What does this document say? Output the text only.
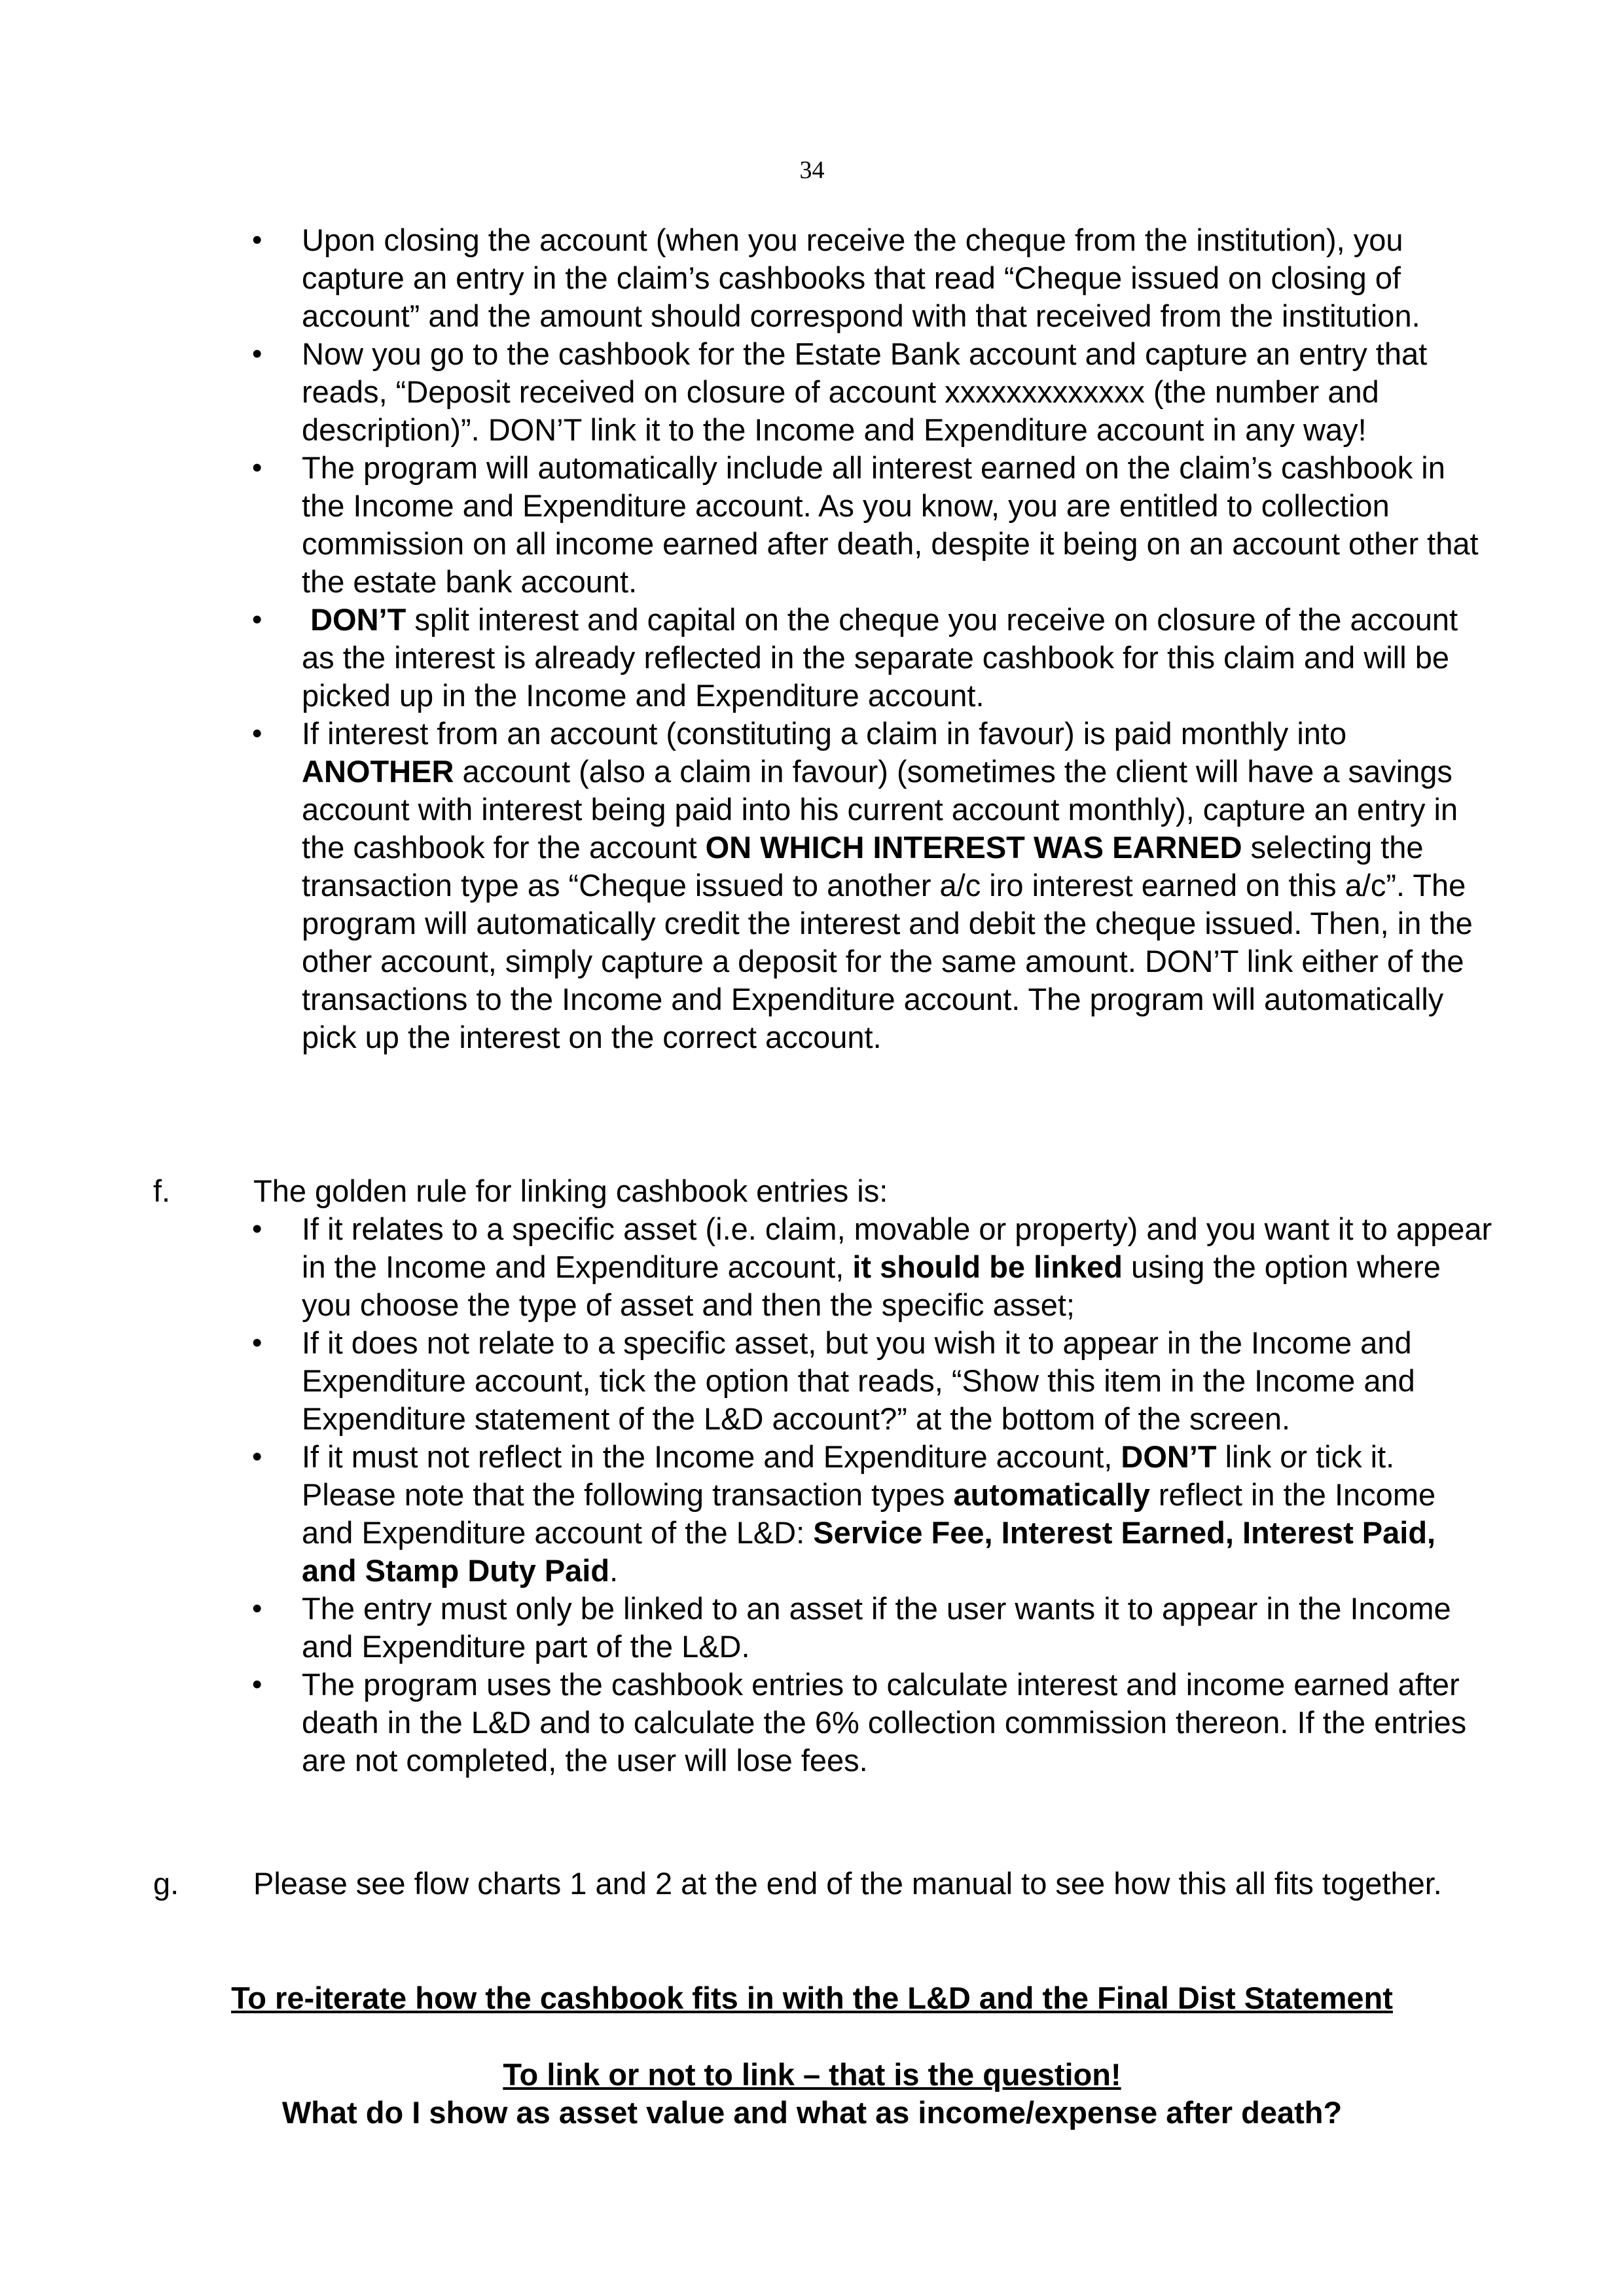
34
• Upon closing the account (when you receive the cheque from the institution), you capture an entry in the claim’s cashbooks that read “Cheque issued on closing of account” and the amount should correspond with that received from the institution.
• Now you go to the cashbook for the Estate Bank account and capture an entry that reads, “Deposit received on closure of account xxxxxxxxxxxxx (the number and description)”. DON’T link it to the Income and Expenditure account in any way!
• The program will automatically include all interest earned on the claim’s cashbook in the Income and Expenditure account. As you know, you are entitled to collection commission on all income earned after death, despite it being on an account other that the estate bank account.
• DON’T split interest and capital on the cheque you receive on closure of the account as the interest is already reflected in the separate cashbook for this claim and will be picked up in the Income and Expenditure account.
• If interest from an account (constituting a claim in favour) is paid monthly into ANOTHER account (also a claim in favour) (sometimes the client will have a savings account with interest being paid into his current account monthly), capture an entry in the cashbook for the account ON WHICH INTEREST WAS EARNED selecting the transaction type as “Cheque issued to another a/c iro interest earned on this a/c”. The program will automatically credit the interest and debit the cheque issued. Then, in the other account, simply capture a deposit for the same amount. DON’T link either of the transactions to the Income and Expenditure account. The program will automatically pick up the interest on the correct account.
f.	The golden rule for linking cashbook entries is:
• If it relates to a specific asset (i.e. claim, movable or property) and you want it to appear in the Income and Expenditure account, it should be linked using the option where you choose the type of asset and then the specific asset;
• If it does not relate to a specific asset, but you wish it to appear in the Income and Expenditure account, tick the option that reads, “Show this item in the Income and Expenditure statement of the L&D account?” at the bottom of the screen.
• If it must not reflect in the Income and Expenditure account, DON’T link or tick it. Please note that the following transaction types automatically reflect in the Income and Expenditure account of the L&D: Service Fee, Interest Earned, Interest Paid, and Stamp Duty Paid.
• The entry must only be linked to an asset if the user wants it to appear in the Income and Expenditure part of the L&D.
• The program uses the cashbook entries to calculate interest and income earned after death in the L&D and to calculate the 6% collection commission thereon. If the entries are not completed, the user will lose fees.
g. Please see flow charts 1 and 2 at the end of the manual to see how this all fits together.
To re-iterate how the cashbook fits in with the L&D and the Final Dist Statement
To link or not to link – that is the question!
What do I show as asset value and what as income/expense after death?
